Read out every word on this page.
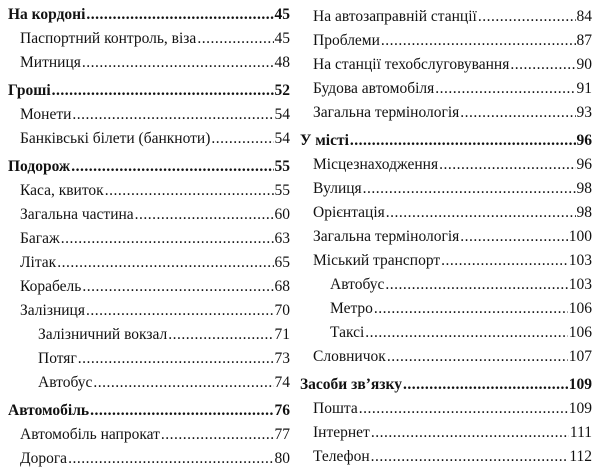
На кордоні .....	45
Паспортний контроль, віза .....	45
Митниця .....	48
Гроші .....	52
Монети .....	54
Банківські білети (банкноти) .....	54
Подорож .....	55
Каса, квиток .....	55
Загальна частина .....	60
Багаж .....	63
Літак .....	65
Корабель .....	68
Залізниця .....	70
Залізничний вокзал .....	71
Потяг .....	73
Автобус .....	74
Автомобіль .....	76
Автомобіль напрокат .....	77
Дорога .....	80
На автозаправній станції .....	84
Проблеми .....	87
На станції техобслуговування .....	90
Будова автомобіля .....	91
Загальна термінологія .....	93
У місті .....	96
Місцезнаходження .....	96
Вулиця .....	98
Орієнтація .....	98
Загальна термінологія .....	100
Міський транспорт .....	103
Автобус .....	103
Метро .....	106
Таксі .....	106
Словничок .....	107
Засоби зв’язку .....	109
Пошта .....	109
Інтернет .....	111
Телефон .....	112
